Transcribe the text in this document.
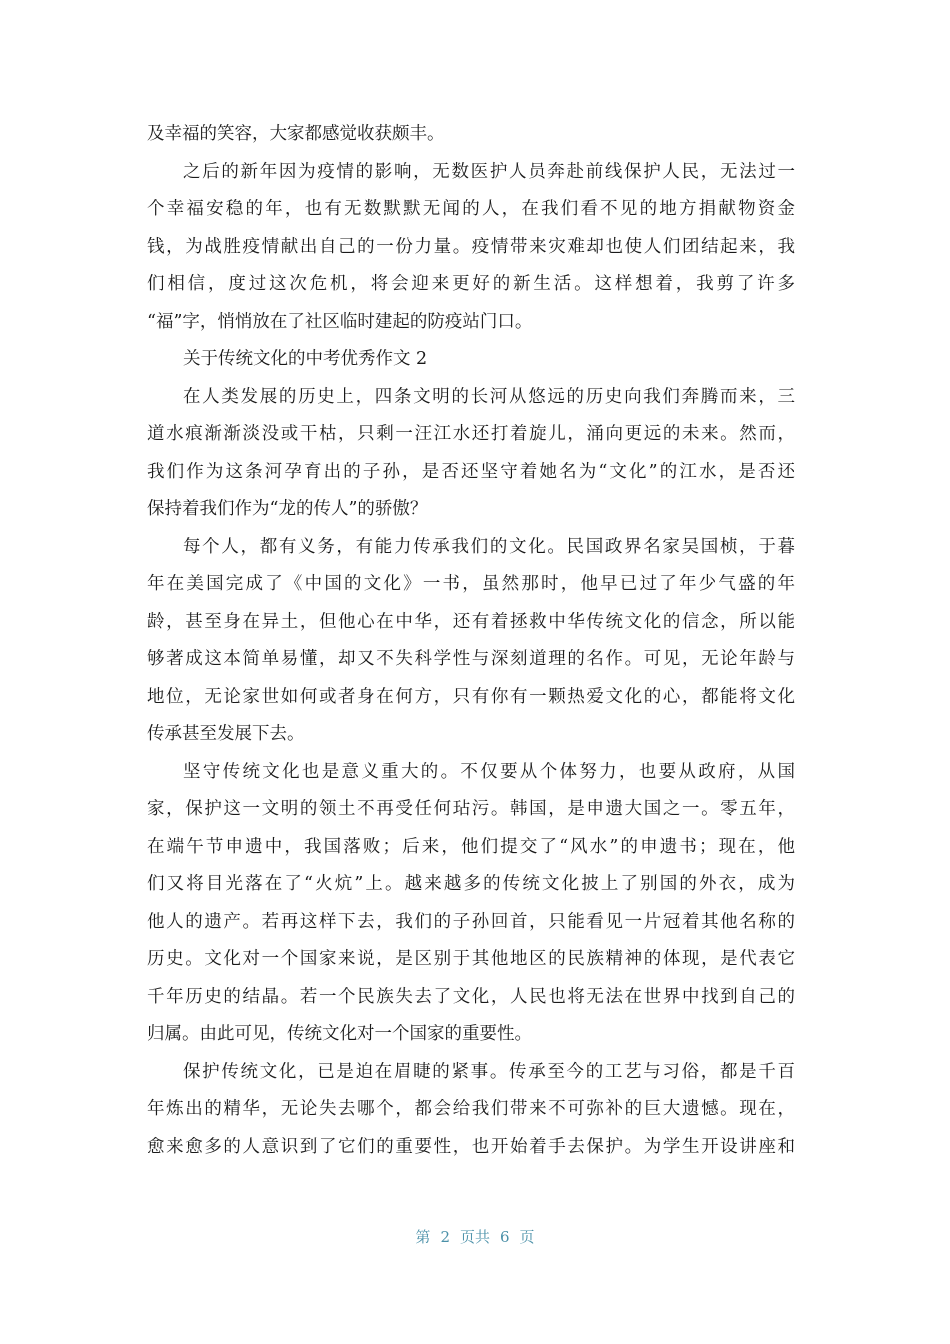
及幸福的笑容，大家都感觉收获颇丰。
之后的新年因为疫情的影响，无数医护人员奔赴前线保护人民，无法过一
个幸福安稳的年，也有无数默默无闻的人，在我们看不见的地方捐献物资金
钱，为战胜疫情献出自己的一份力量。疫情带来灾难却也使人们团结起来，我
们相信，度过这次危机，将会迎来更好的新生活。这样想着，我剪了许多
“福”字，悄悄放在了社区临时建起的防疫站门口。
关于传统文化的中考优秀作文 2
在人类发展的历史上，四条文明的长河从悠远的历史向我们奔腾而来，三
道水痕渐渐淡没或干枯，只剩一汪江水还打着旋儿，涌向更远的未来。然而，
我们作为这条河孕育出的子孙，是否还坚守着她名为“文化”的江水，是否还
保持着我们作为“龙的传人”的骄傲？
每个人，都有义务，有能力传承我们的文化。民国政界名家吴国桢，于暮
年在美国完成了《中国的文化》一书，虽然那时，他早已过了年少气盛的年
龄，甚至身在异土，但他心在中华，还有着拯救中华传统文化的信念，所以能
够著成这本简单易懂，却又不失科学性与深刻道理的名作。可见，无论年龄与
地位，无论家世如何或者身在何方，只有你有一颗热爱文化的心，都能将文化
传承甚至发展下去。
坚守传统文化也是意义重大的。不仅要从个体努力，也要从政府，从国
家，保护这一文明的领土不再受任何玷污。韩国，是申遗大国之一。零五年，
在端午节申遗中，我国落败；后来，他们提交了“风水”的申遗书；现在，他
们又将目光落在了“火炕”上。越来越多的传统文化披上了别国的外衣，成为
他人的遗产。若再这样下去，我们的子孙回首，只能看见一片冠着其他名称的
历史。文化对一个国家来说，是区别于其他地区的民族精神的体现，是代表它
千年历史的结晶。若一个民族失去了文化，人民也将无法在世界中找到自己的
归属。由此可见，传统文化对一个国家的重要性。
保护传统文化，已是迫在眉睫的紧事。传承至今的工艺与习俗，都是千百
年炼出的精华，无论失去哪个，都会给我们带来不可弥补的巨大遗憾。现在，
愈来愈多的人意识到了它们的重要性，也开始着手去保护。为学生开设讲座和
第 2 页共 6 页
